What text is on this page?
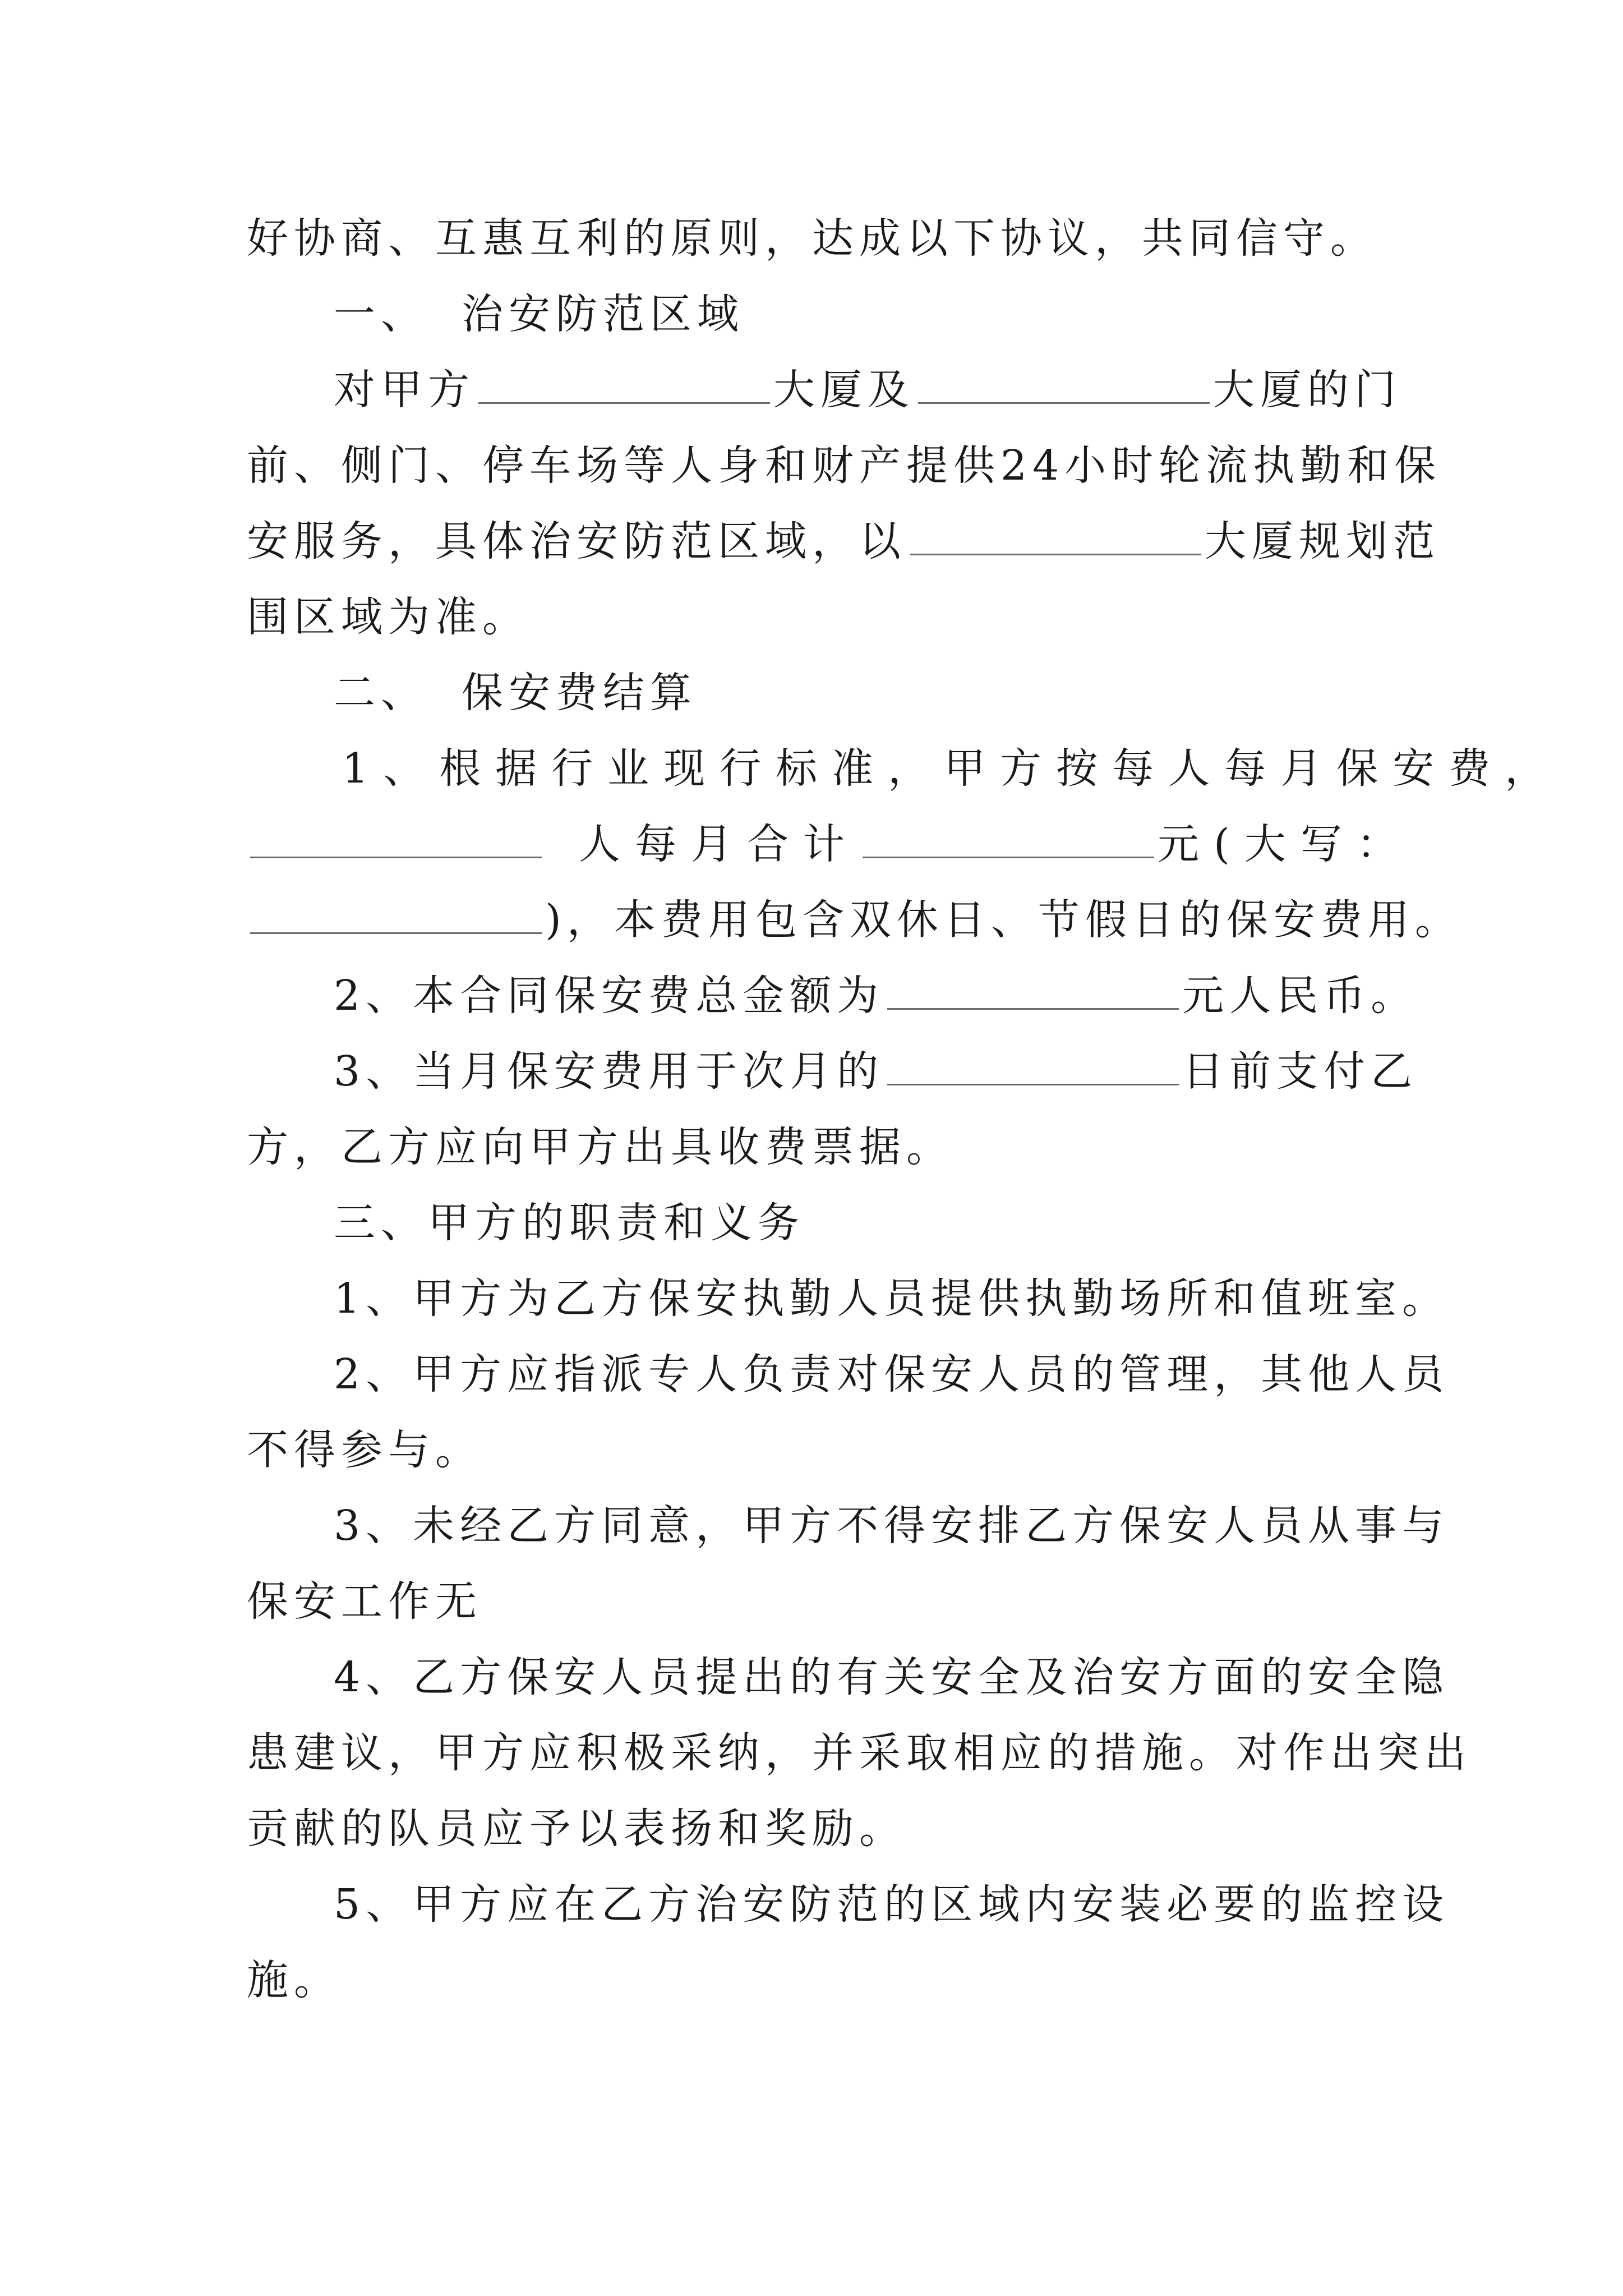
好协商、互惠互利的原则，达成以下协议，共同信守。
一、 治安防范区域
对甲方	大厦及	大厦的门
前、侧门、停车场等人身和财产提供24小时轮流执勤和保
安服务，具体治安防范区域，以	大厦规划范
围区域为准。
二、 保安费结算
1、根据行业现行标准，甲方按每人每月保安费，
人每月合计	元(大写：
)，本费用包含双休日、节假日的保安费用。
2、本合同保安费总金额为	元人民币。
3、当月保安费用于次月的	日前支付乙
方，乙方应向甲方出具收费票据。
三、甲方的职责和义务
1、甲方为乙方保安执勤人员提供执勤场所和值班室。
2、甲方应指派专人负责对保安人员的管理，其他人员
不得参与。
3、未经乙方同意，甲方不得安排乙方保安人员从事与
保安工作无
4、乙方保安人员提出的有关安全及治安方面的安全隐
患建议，甲方应积极采纳，并采取相应的措施。对作出突出
贡献的队员应予以表扬和奖励。
5、甲方应在乙方治安防范的区域内安装必要的监控设
施。
